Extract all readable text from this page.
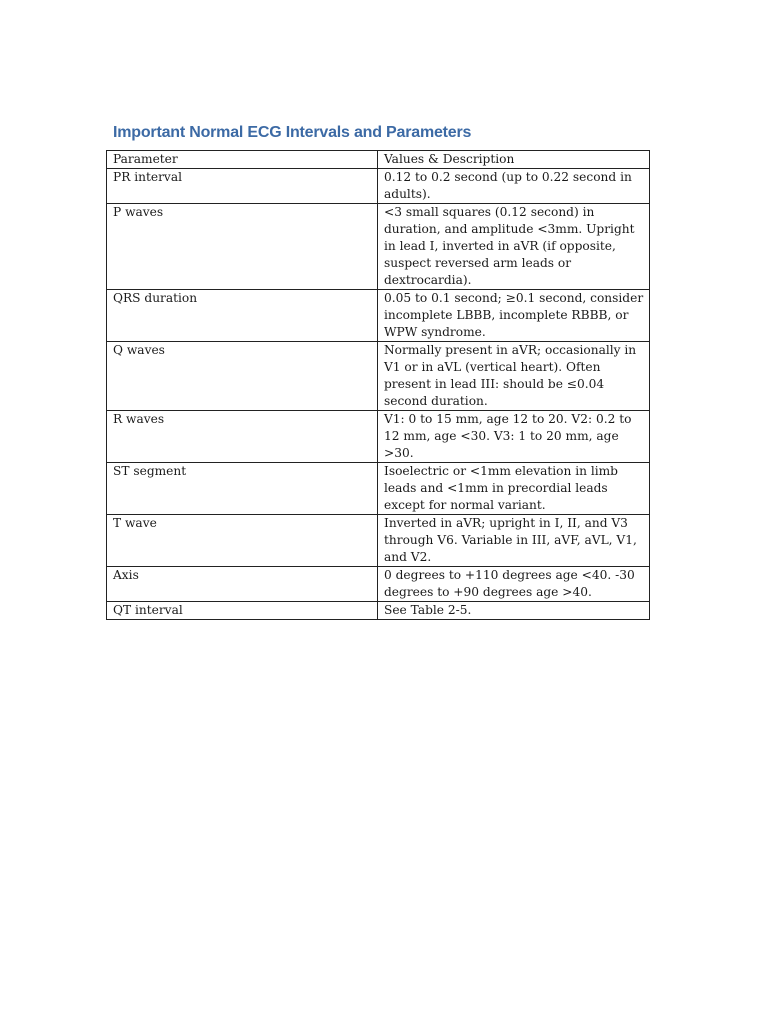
Important Normal ECG Intervals and Parameters
Parameter	Values & Description
PR interval	0.12 to 0.2 second (up to 0.22 second in adults).
P waves	<3 small squares (0.12 second) in duration, and amplitude <3mm. Upright in lead I, inverted in aVR (if opposite, suspect reversed arm leads or dextrocardia).
QRS duration	0.05 to 0.1 second; ≥0.1 second, consider incomplete LBBB, incomplete RBBB, or WPW syndrome.
Q waves	Normally present in aVR; occasionally in V1 or in aVL (vertical heart). Often present in lead III: should be ≤0.04 second duration.
R waves	V1: 0 to 15 mm, age 12 to 20. V2: 0.2 to 12 mm, age <30. V3: 1 to 20 mm, age >30.
ST segment	Isoelectric or <1mm elevation in limb leads and <1mm in precordial leads except for normal variant.
T wave	Inverted in aVR; upright in I, II, and V3 through V6. Variable in III, aVF, aVL, V1, and V2.
Axis	0 degrees to +110 degrees age <40. -30 degrees to +90 degrees age >40.
QT interval	See Table 2-5.
